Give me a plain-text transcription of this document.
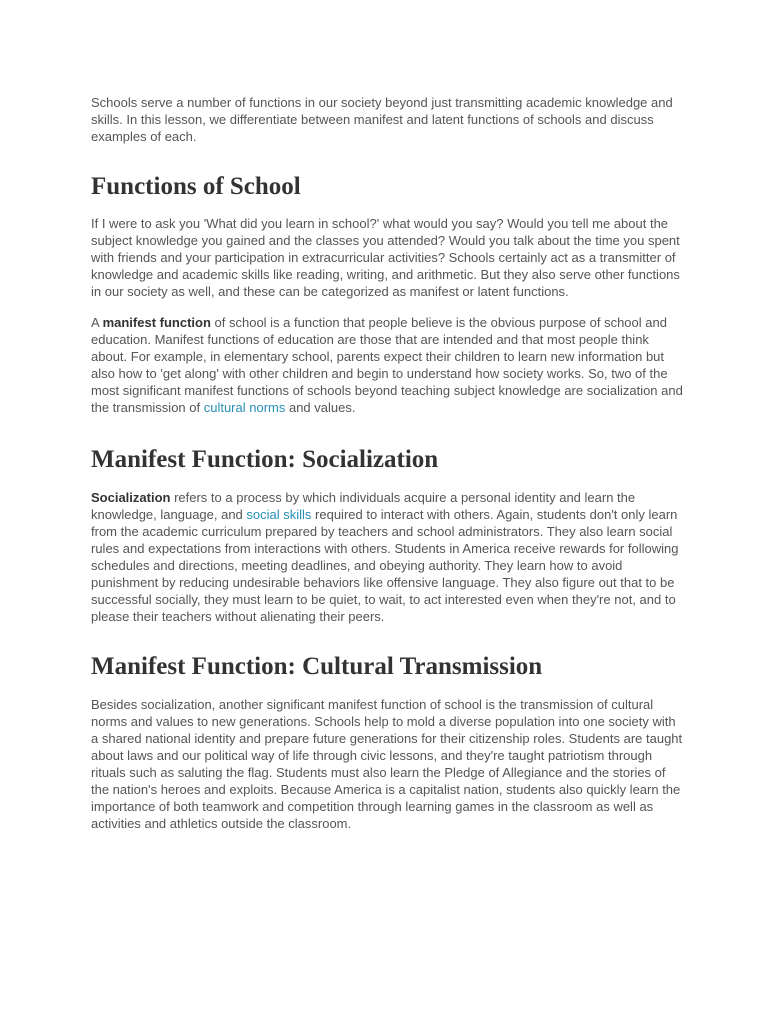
Schools serve a number of functions in our society beyond just transmitting academic knowledge and skills. In this lesson, we differentiate between manifest and latent functions of schools and discuss examples of each.

Functions of School

If I were to ask you 'What did you learn in school?' what would you say? Would you tell me about the subject knowledge you gained and the classes you attended? Would you talk about the time you spent with friends and your participation in extracurricular activities? Schools certainly act as a transmitter of knowledge and academic skills like reading, writing, and arithmetic. But they also serve other functions in our society as well, and these can be categorized as manifest or latent functions.

A manifest function of school is a function that people believe is the obvious purpose of school and education. Manifest functions of education are those that are intended and that most people think about. For example, in elementary school, parents expect their children to learn new information but also how to 'get along' with other children and begin to understand how society works. So, two of the most significant manifest functions of schools beyond teaching subject knowledge are socialization and the transmission of cultural norms and values.

Manifest Function: Socialization

Socialization refers to a process by which individuals acquire a personal identity and learn the knowledge, language, and social skills required to interact with others. Again, students don't only learn from the academic curriculum prepared by teachers and school administrators. They also learn social rules and expectations from interactions with others. Students in America receive rewards for following schedules and directions, meeting deadlines, and obeying authority. They learn how to avoid punishment by reducing undesirable behaviors like offensive language. They also figure out that to be successful socially, they must learn to be quiet, to wait, to act interested even when they're not, and to please their teachers without alienating their peers.

Manifest Function: Cultural Transmission

Besides socialization, another significant manifest function of school is the transmission of cultural norms and values to new generations. Schools help to mold a diverse population into one society with a shared national identity and prepare future generations for their citizenship roles. Students are taught about laws and our political way of life through civic lessons, and they're taught patriotism through rituals such as saluting the flag. Students must also learn the Pledge of Allegiance and the stories of the nation's heroes and exploits. Because America is a capitalist nation, students also quickly learn the importance of both teamwork and competition through learning games in the classroom as well as activities and athletics outside the classroom.
